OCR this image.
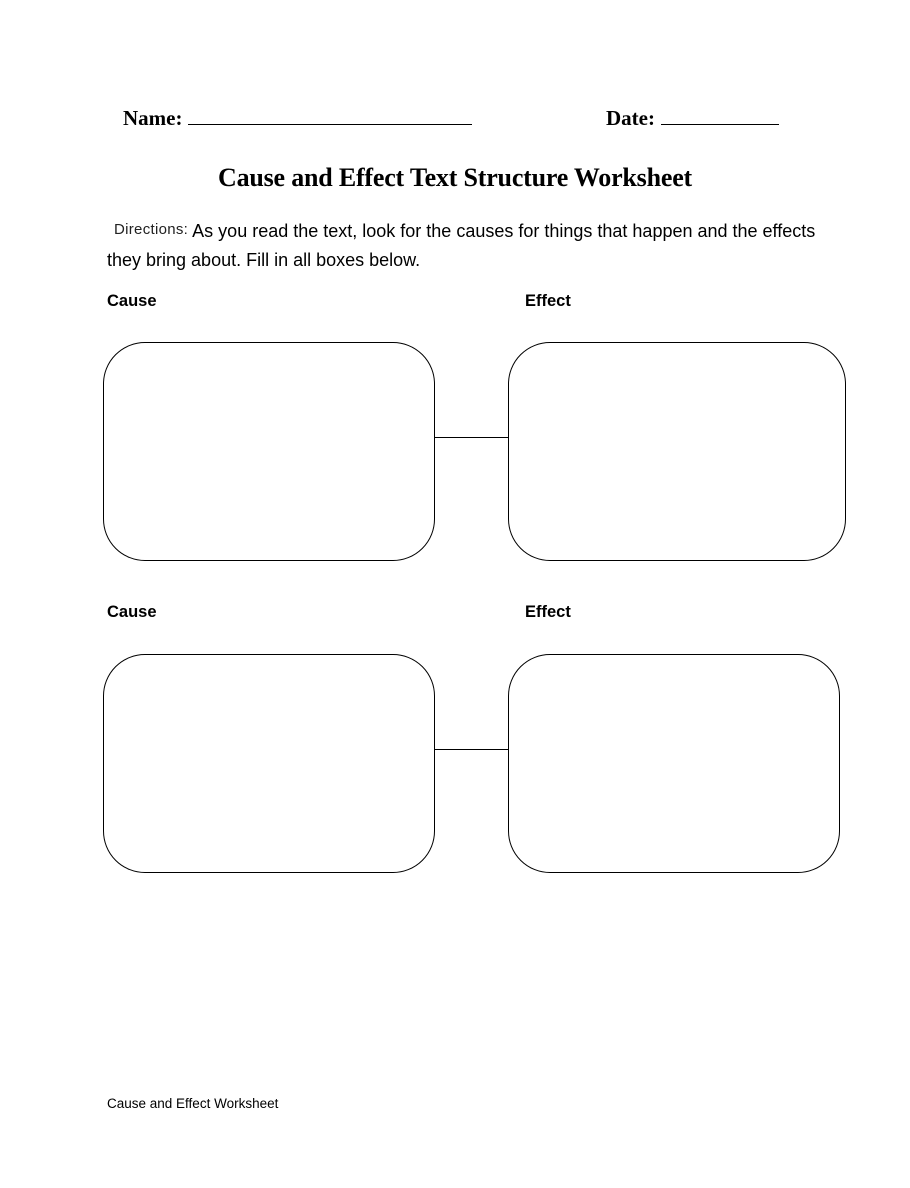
Name:	Date:
Cause and Effect Text Structure Worksheet
Directions: As you read the text, look for the causes for things that happen and the effects they bring about. Fill in all boxes below.
Cause	Effect
Cause	Effect
Cause and Effect Worksheet
